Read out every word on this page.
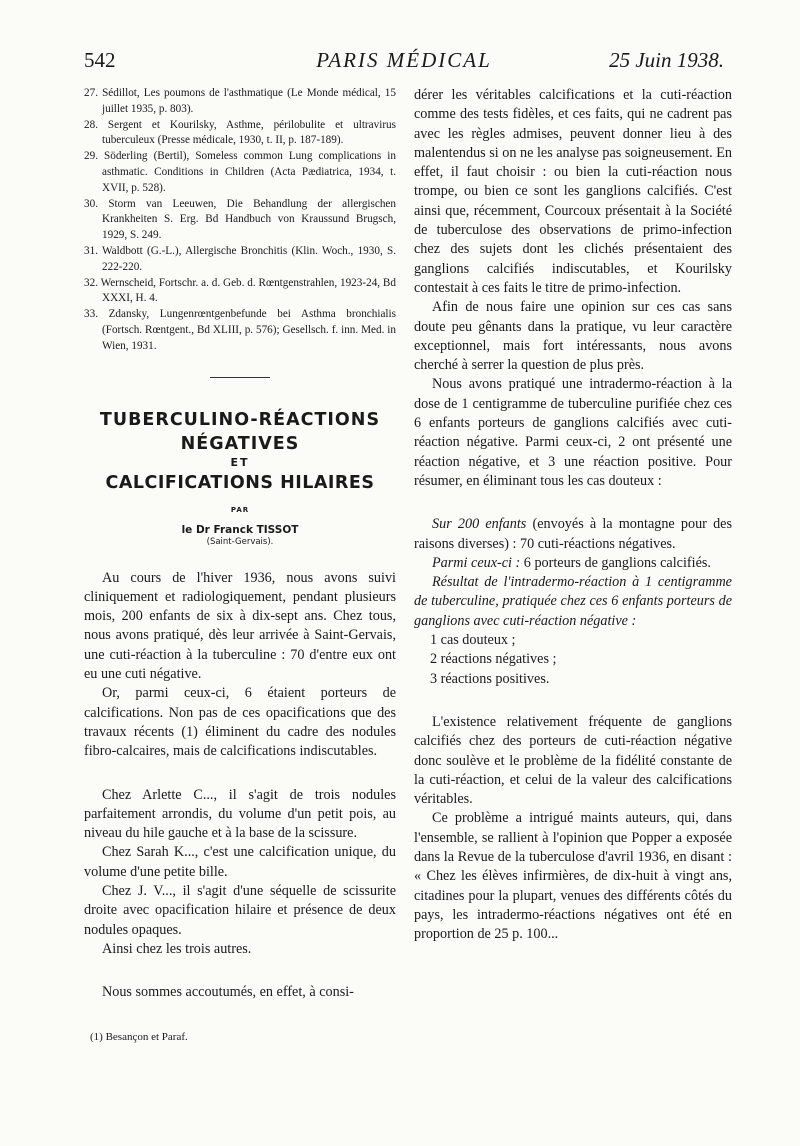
542	PARIS MÉDICAL	25 Juin 1938.
27. Sédillot, Les poumons de l'asthmatique (Le Monde médical, 15 juillet 1935, p. 803).
28. Sergent et Kourilsky, Asthme, périlobulite et ultravirus tuberculeux (Presse médicale, 1930, t. II, p. 187-189).
29. Söderling (Bertil), Someless common Lung complications in asthmatic. Conditions in Children (Acta Pædiatrica, 1934, t. XVII, p. 528).
30. Storm van Leeuwen, Die Behandlung der allergischen Krankheiten S. Erg. Bd Handbuch von Kraussund Brugsch, 1929, S. 249.
31. Waldbott (G.-L.), Allergische Bronchitis (Klin. Woch., 1930, S. 222-220.
32. Wernscheid, Fortschr. a. d. Geb. d. Rœntgenstrahlen, 1923-24, Bd XXXI, H. 4.
33. Zdansky, Lungenrœntgenbefunde bei Asthma bronchialis (Fortsch. Rœntgent., Bd XLIII, p. 576); Gesellsch. f. inn. Med. in Wien, 1931.
TUBERCULINO-RÉACTIONS
NÉGATIVES
ET
CALCIFICATIONS HILAIRES
PAR
le Dr Franck TISSOT
(Saint-Gervais).

Au cours de l'hiver 1936, nous avons suivi cliniquement et radiologiquement, pendant plusieurs mois, 200 enfants de six à dix-sept ans. Chez tous, nous avons pratiqué, dès leur arrivée à Saint-Gervais, une cuti-réaction à la tuberculine : 70 d'entre eux ont eu une cuti négative.

Or, parmi ceux-ci, 6 étaient porteurs de calcifications. Non pas de ces opacifications que des travaux récents (1) éliminent du cadre des nodules fibro-calcaires, mais de calcifications indiscutables.

Chez Arlette C..., il s'agit de trois nodules parfaitement arrondis, du volume d'un petit pois, au niveau du hile gauche et à la base de la scissure.

Chez Sarah K..., c'est une calcification unique, du volume d'une petite bille.

Chez J. V..., il s'agit d'une séquelle de scissurite droite avec opacification hilaire et présence de deux nodules opaques.

Ainsi chez les trois autres.

Nous sommes accoutumés, en effet, à consi-

(1) Besançon et Paraf.

dérer les véritables calcifications et la cuti-réaction comme des tests fidèles, et ces faits, qui ne cadrent pas avec les règles admises, peuvent donner lieu à des malentendus si on ne les analyse pas soigneusement. En effet, il faut choisir : ou bien la cuti-réaction nous trompe, ou bien ce sont les ganglions calcifiés. C'est ainsi que, récemment, Courcoux présentait à la Société de tuberculose des observations de primo-infection chez des sujets dont les clichés présentaient des ganglions calcifiés indiscutables, et Kourilsky contestait à ces faits le titre de primo-infection.

Afin de nous faire une opinion sur ces cas sans doute peu gênants dans la pratique, vu leur caractère exceptionnel, mais fort intéressants, nous avons cherché à serrer la question de plus près.

Nous avons pratiqué une intradermo-réaction à la dose de 1 centigramme de tuberculine purifiée chez ces 6 enfants porteurs de ganglions calcifiés avec cuti-réaction négative. Parmi ceux-ci, 2 ont présenté une réaction négative, et 3 une réaction positive. Pour résumer, en éliminant tous les cas douteux :

Sur 200 enfants (envoyés à la montagne pour des raisons diverses) : 70 cuti-réactions négatives.

Parmi ceux-ci : 6 porteurs de ganglions calcifiés.

Résultat de l'intradermo-réaction à 1 centigramme de tuberculine, pratiquée chez ces 6 enfants porteurs de ganglions avec cuti-réaction négative :

1 cas douteux ;

2 réactions négatives ;

3 réactions positives.

L'existence relativement fréquente de ganglions calcifiés chez des porteurs de cuti-réaction négative donc soulève et le problème de la fidélité constante de la cuti-réaction, et celui de la valeur des calcifications véritables.

Ce problème a intrigué maints auteurs, qui, dans l'ensemble, se rallient à l'opinion que Popper a exposée dans la Revue de la tuberculose d'avril 1936, en disant : « Chez les élèves infirmières, de dix-huit à vingt ans, citadines pour la plupart, venues des différents côtés du pays, les intradermo-réactions négatives ont été en proportion de 25 p. 100...
